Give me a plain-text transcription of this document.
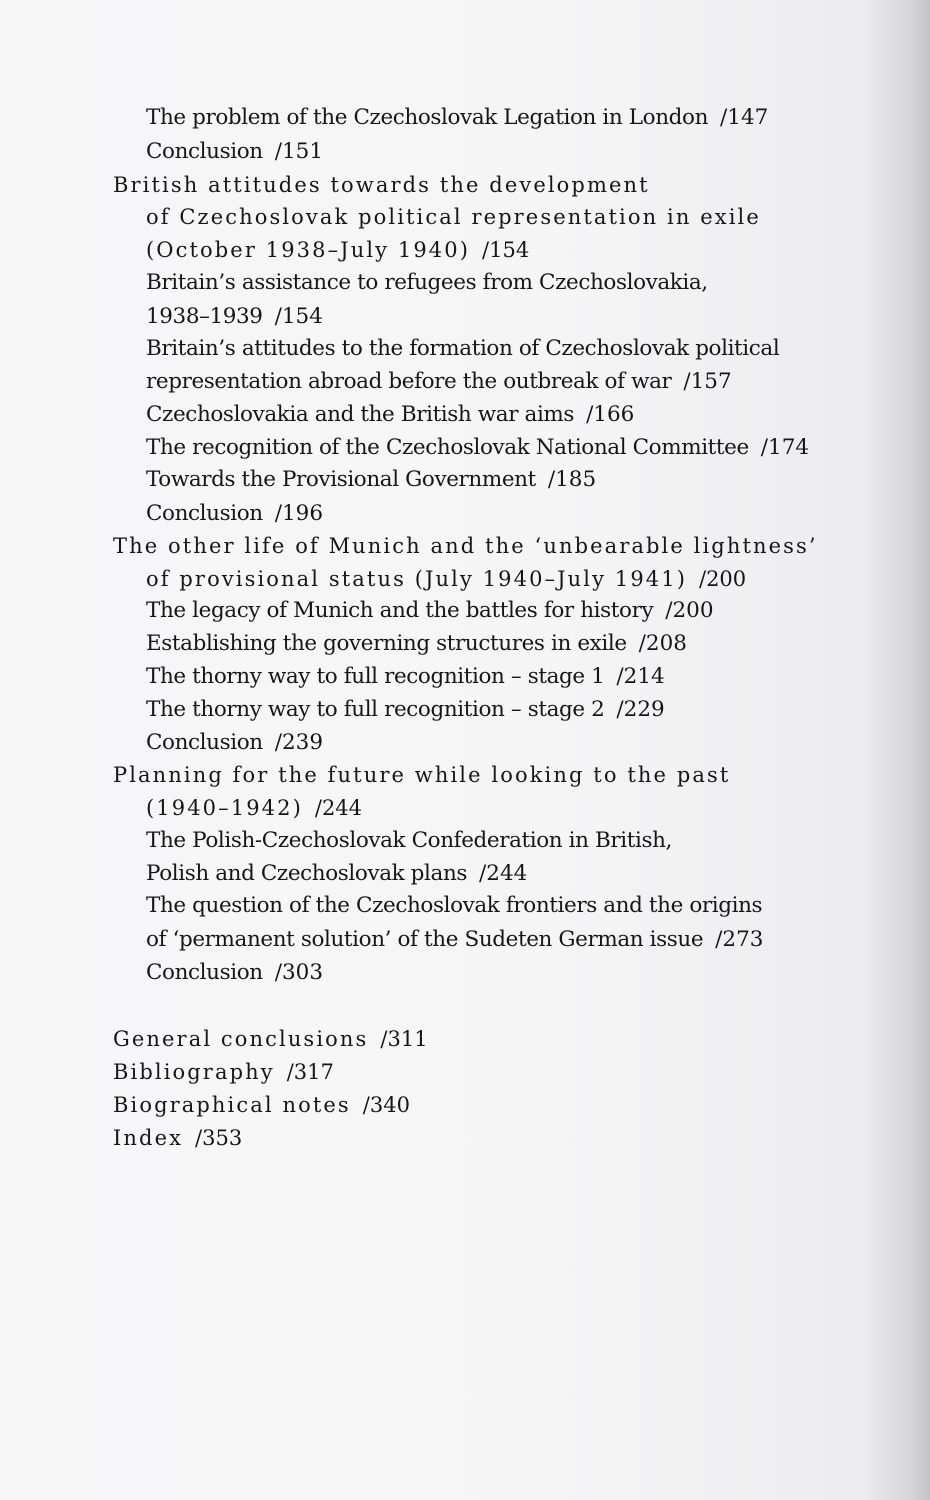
The problem of the Czechoslovak Legation in London /147
Conclusion /151
British attitudes towards the development
of Czechoslovak political representation in exile
(October 1938–July 1940) /154
Britain’s assistance to refugees from Czechoslovakia,
1938–1939 /154
Britain’s attitudes to the formation of Czechoslovak political
representation abroad before the outbreak of war /157
Czechoslovakia and the British war aims /166
The recognition of the Czechoslovak National Committee /174
Towards the Provisional Government /185
Conclusion /196
The other life of Munich and the ‘unbearable lightness’
of provisional status (July 1940–July 1941) /200
The legacy of Munich and the battles for history /200
Establishing the governing structures in exile /208
The thorny way to full recognition – stage 1 /214
The thorny way to full recognition – stage 2 /229
Conclusion /239
Planning for the future while looking to the past
(1940–1942) /244
The Polish-Czechoslovak Confederation in British,
Polish and Czechoslovak plans /244
The question of the Czechoslovak frontiers and the origins
of ‘permanent solution’ of the Sudeten German issue /273
Conclusion /303
General conclusions /311
Bibliography /317
Biographical notes /340
Index /353
